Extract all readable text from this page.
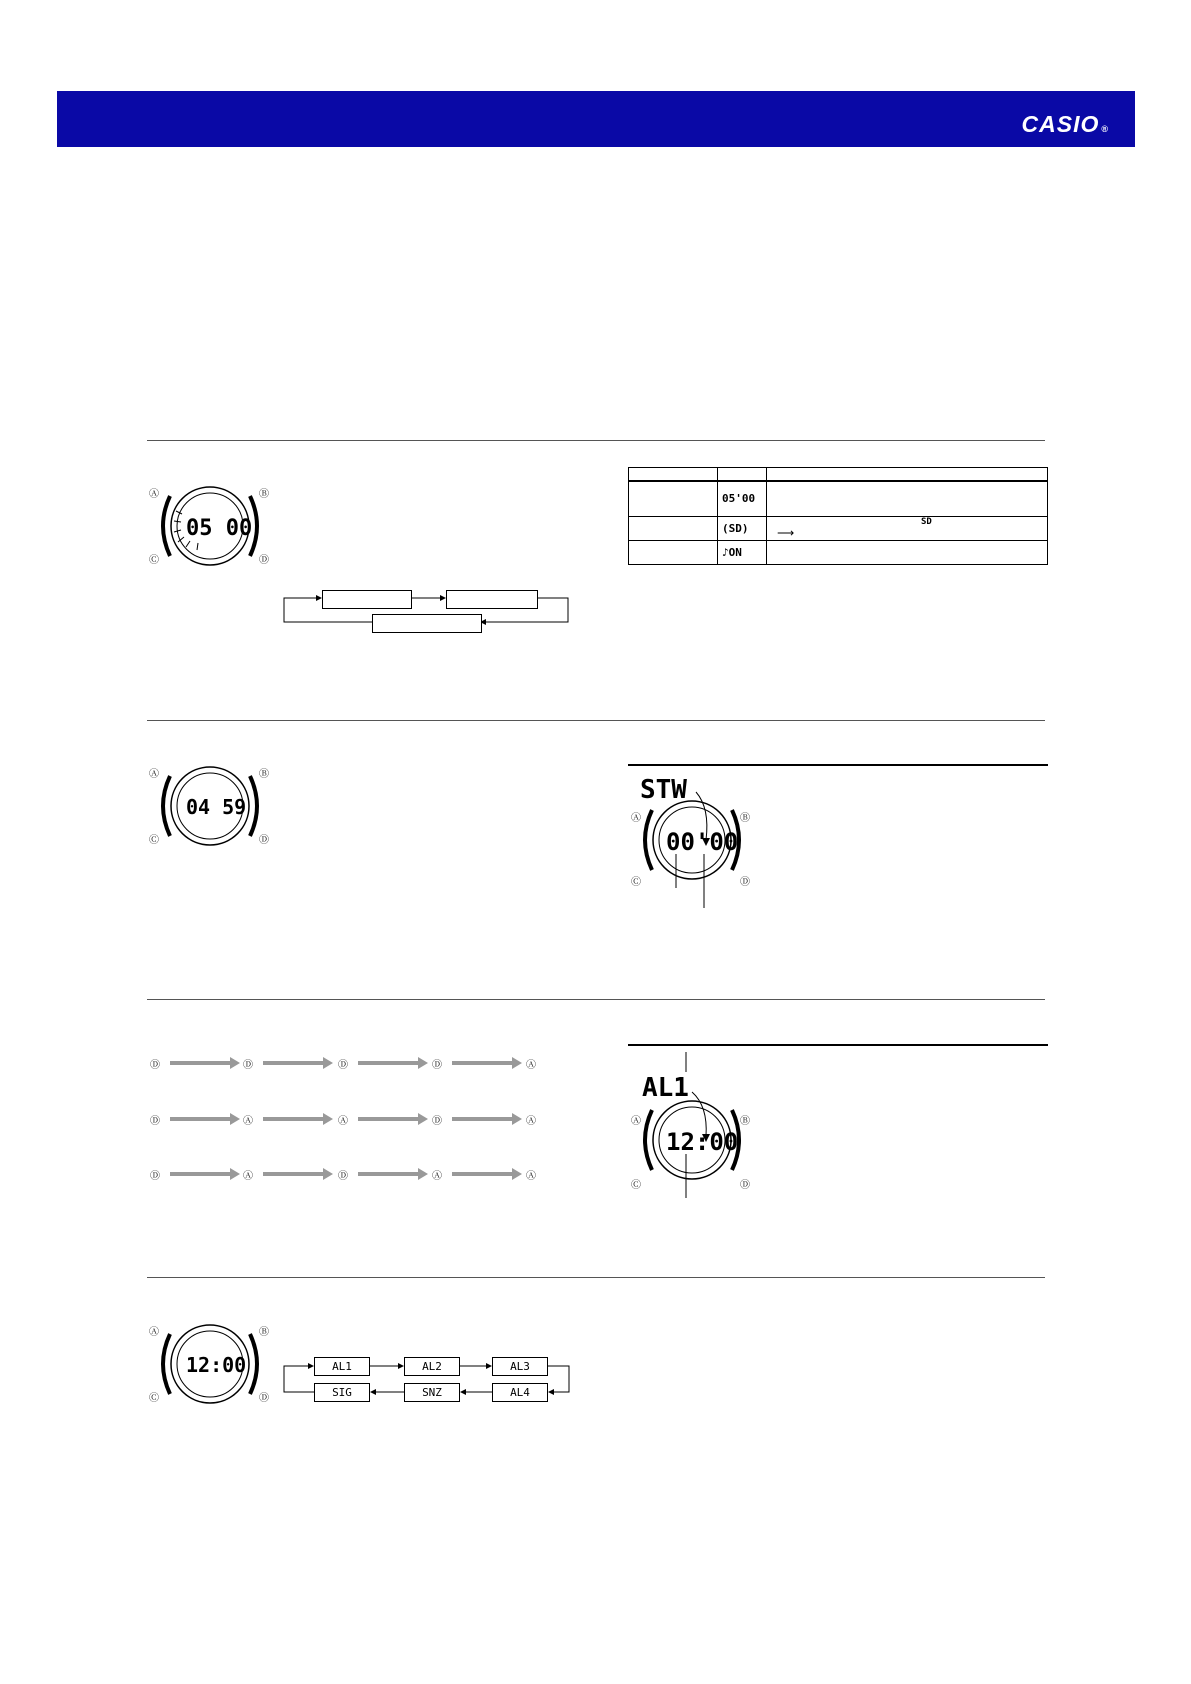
CASIO ®
05 00
Ⓐ	Ⓑ
Ⓒ	Ⓓ

	05'00	
	(SD)	⟶
SD

	♪ON	
04 59
Ⓐ	Ⓑ
Ⓒ	Ⓓ
STW
00'00
Ⓐ	Ⓑ
Ⓒ	Ⓓ
Ⓓ	Ⓓ	Ⓓ	Ⓓ	Ⓐ
Ⓓ	Ⓐ	Ⓐ	Ⓓ	Ⓐ
Ⓓ	Ⓐ	Ⓓ	Ⓐ	Ⓐ
AL1
12:00
Ⓐ	Ⓑ
Ⓒ	Ⓓ
12:00
Ⓐ	Ⓑ
Ⓒ	Ⓓ
AL1	AL2	AL3
AL4
SNZ
SIG
